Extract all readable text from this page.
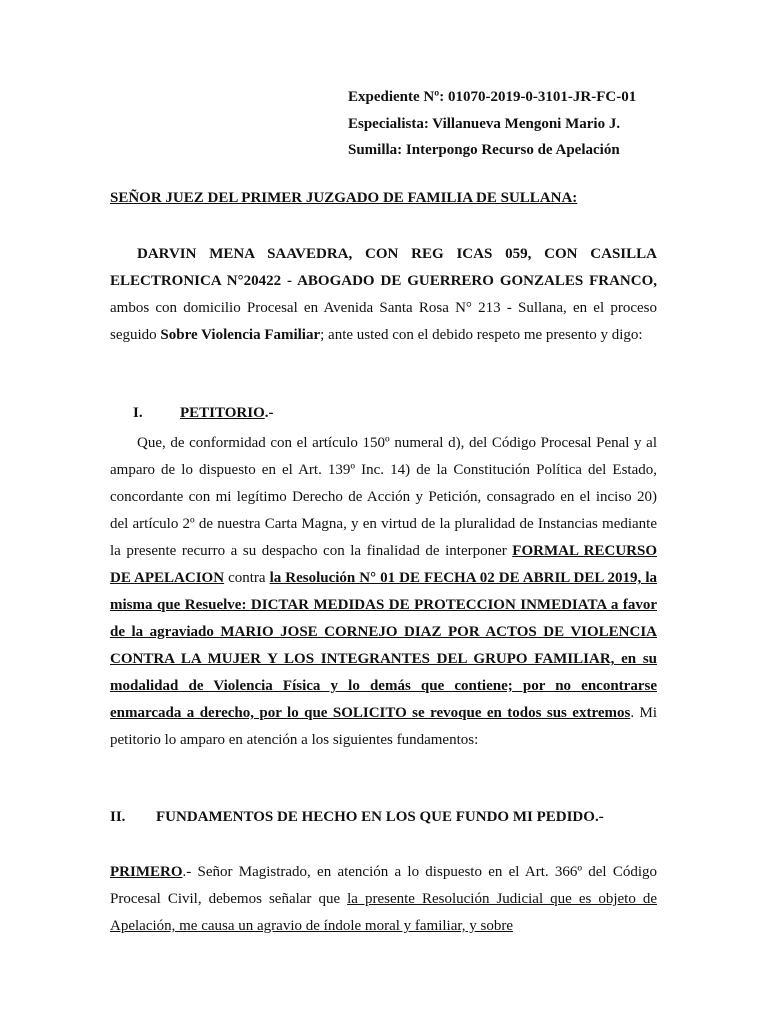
Expediente Nº: 01070-2019-0-3101-JR-FC-01
Especialista: Villanueva Mengoni Mario J.
Sumilla: Interpongo Recurso de Apelación
SEÑOR JUEZ DEL PRIMER JUZGADO DE FAMILIA DE SULLANA:

DARVIN MENA SAAVEDRA, CON REG ICAS 059, CON CASILLA ELECTRONICA N°20422 - ABOGADO DE GUERRERO GONZALES FRANCO, ambos con domicilio Procesal en Avenida Santa Rosa N° 213 - Sullana, en el proceso seguido Sobre Violencia Familiar; ante usted con el debido respeto me presento y digo:

I. PETITORIO.-

Que, de conformidad con el artículo 150º numeral d), del Código Procesal Penal y al amparo de lo dispuesto en el Art. 139º Inc. 14) de la Constitución Política del Estado, concordante con mi legítimo Derecho de Acción y Petición, consagrado en el inciso 20) del artículo 2º de nuestra Carta Magna, y en virtud de la pluralidad de Instancias mediante la presente recurro a su despacho con la finalidad de interponer FORMAL RECURSO DE APELACION contra la Resolución N° 01 DE FECHA 02 DE ABRIL DEL 2019, la misma que Resuelve: DICTAR MEDIDAS DE PROTECCION INMEDIATA a favor de la agraviado MARIO JOSE CORNEJO DIAZ POR ACTOS DE VIOLENCIA CONTRA LA MUJER Y LOS INTEGRANTES DEL GRUPO FAMILIAR, en su modalidad de Violencia Física y lo demás que contiene; por no encontrarse enmarcada a derecho, por lo que SOLICITO se revoque en todos sus extremos. Mi petitorio lo amparo en atención a los siguientes fundamentos:

II. FUNDAMENTOS DE HECHO EN LOS QUE FUNDO MI PEDIDO.-

PRIMERO.- Señor Magistrado, en atención a lo dispuesto en el Art. 366º del Código Procesal Civil, debemos señalar que la presente Resolución Judicial que es objeto de Apelación, me causa un agravio de índole moral y familiar, y sobre
